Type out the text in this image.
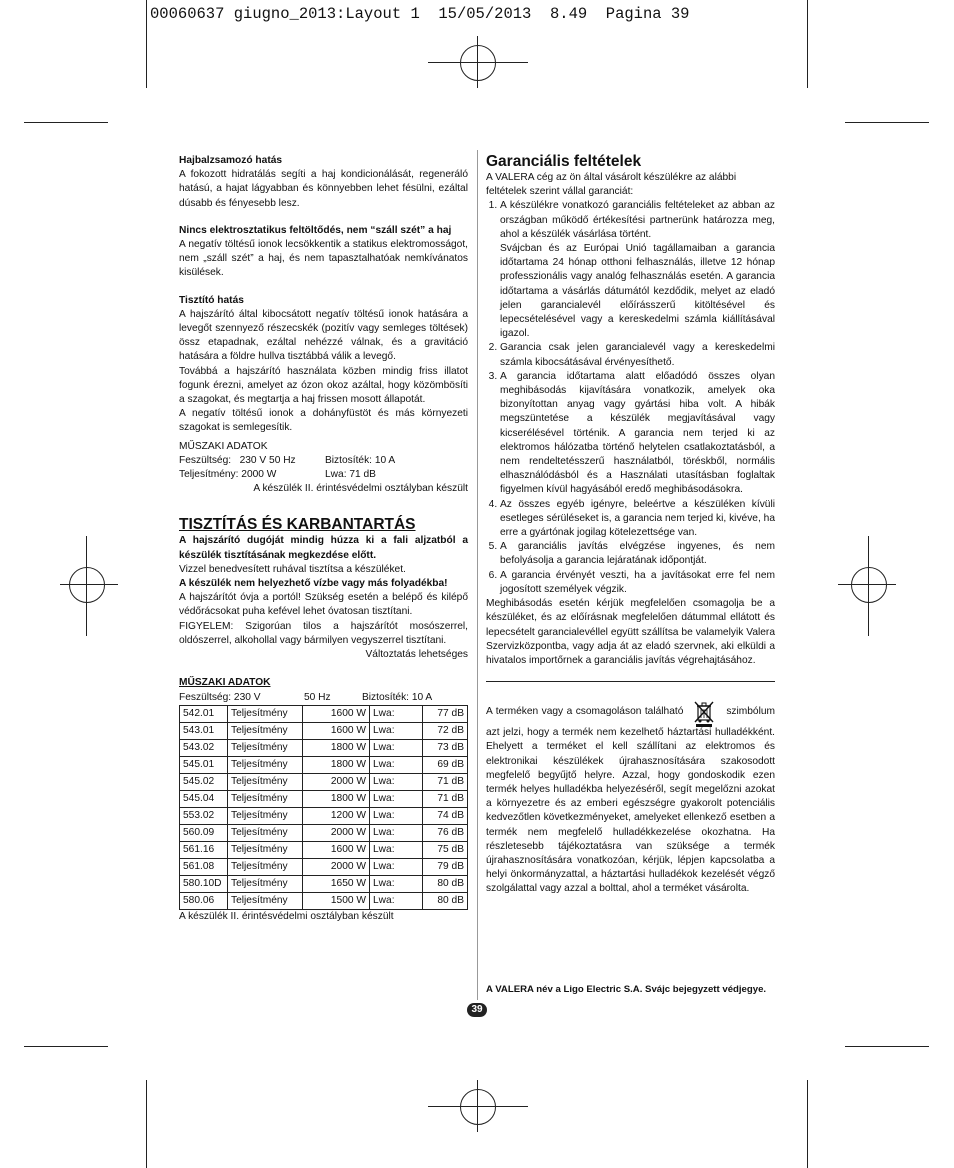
00060637 giugno_2013:Layout 1  15/05/2013  8.49  Pagina 39

Hajbalzsamozó hatás

A fokozott hidratálás segíti a haj kondicionálását, regeneráló hatású, a hajat lágyabban és könnyebben lehet fésülni, ezáltal dúsabb és fényesebb lesz.

Nincs elektrosztatikus feltöltődés, nem “száll szét” a haj

A negatív töltésű ionok lecsökkentik a statikus elektromosságot, nem „száll szét” a haj, és nem tapasztalhatóak nemkívánatos kisülések.

Tisztító hatás

A hajszárító által kibocsátott negatív töltésű ionok hatására a levegőt szennyező részecskék (pozitív vagy semleges töltések) össz etapadnak, ezáltal nehézzé válnak, és a gravitáció hatására a földre hullva tisztábbá válik a levegő.

Továbbá a hajszárító használata közben mindig friss illatot fogunk érezni, amelyet az ózon okoz azáltal, hogy közömbösíti a szagokat, és megtartja a haj frissen mosott állapotát.

A negatív töltésű ionok a dohányfüstöt és más környezeti szagokat is semlegesítik.

MŰSZAKI ADATOK

Feszültség:   230 V 50 Hz	Biztosíték: 10 A
Teljesítmény: 2000 W	Lwa: 71 dB

A készülék II. érintésvédelmi osztályban készült

TISZTÍTÁS ÉS KARBANTARTÁS

A hajszárító dugóját mindig húzza ki a fali aljzatból a készülék tisztításának megkezdése előtt.

Vizzel benedvesített ruhával tisztítsa a készüléket.

A készülék nem helyezhető vízbe vagy más folyadékba!

A hajszárítót óvja a portól! Szükség esetén a belépő és kilépő védőrácsokat puha kefével lehet óvatosan tisztítani.

FIGYELEM: Szigorúan tilos a hajszárítót mosószerrel, oldószerrel, alkohollal vagy bármilyen vegyszerrel tisztítani.

Változtatás lehetséges

MŰSZAKI ADATOK

Feszültség: 230 V	50 Hz	Biztosíték: 10 A
542.01	Teljesítmény	1600 W	Lwa:	77 dB
543.01	Teljesítmény	1600 W	Lwa:	72 dB
543.02	Teljesítmény	1800 W	Lwa:	73 dB
545.01	Teljesítmény	1800 W	Lwa:	69 dB
545.02	Teljesítmény	2000 W	Lwa:	71 dB
545.04	Teljesítmény	1800 W	Lwa:	71 dB
553.02	Teljesítmény	1200 W	Lwa:	74 dB
560.09	Teljesítmény	2000 W	Lwa:	76 dB
561.16	Teljesítmény	1600 W	Lwa:	75 dB
561.08	Teljesítmény	2000 W	Lwa:	79 dB
580.10D	Teljesítmény	1650 W	Lwa:	80 dB
580.06	Teljesítmény	1500 W	Lwa:	80 dB

A készülék II. érintésvédelmi osztályban készült

Garanciális feltételek

A VALERA cég az ön által vásárolt készülékre az alábbi feltételek szerint vállal garanciát:

1. A készülékre vonatkozó garanciális feltételeket az abban az országban működő értékesítési partnerünk határozza meg, ahol a készülék vásárlása történt.
Svájcban és az Európai Unió tagállamaiban a garancia időtartama 24 hónap otthoni felhasználás, illetve 12 hónap professzionális vagy analóg felhasználás esetén. A garancia időtartama a vásárlás dátumától kezdődik, melyet az eladó jelen garancialevél előírásszerű kitöltésével és lepecsételésével vagy a kereskedelmi számla kiállításával igazol.
2. Garancia csak jelen garancialevél vagy a kereskedelmi számla kibocsátásával érvényesíthető.
3. A garancia időtartama alatt előadódó összes olyan meghibásodás kijavítására vonatkozik, amelyek oka bizonyítottan anyag vagy gyártási hiba volt. A hibák megszüntetése a készülék megjavításával vagy kicserélésével történik. A garancia nem terjed ki az elektromos hálózatba történő helytelen csatlakoztatásból, a nem rendeltetésszerű használatból, töréskből, normális elhasználódásból és a Használati utasításban foglaltak figyelmen kívül hagyásából eredő meghibásodásokra.
4. Az összes egyéb igényre, beleértve a készüléken kívüli esetleges sérüléseket is, a garancia nem terjed ki, kivéve, ha erre a gyártónak jogilag kötelezettsége van.
5. A garanciális javítás elvégzése ingyenes, és nem befolyásolja a garancia lejáratának időpontját.
6. A garancia érvényét veszti, ha a javításokat erre fel nem jogosított személyek végzik.

Meghibásodás esetén kérjük megfelelően csomagolja be a készüléket, és az előírásnak megfelelően dátummal ellátott és lepecsételt garancialevéllel együtt szállítsa be valamelyik Valera Szervizközpontba, vagy adja át az eladó szervnek, aki elküldi a hivatalos importőrnek a garanciális javítás végrehajtásához.

A terméken vagy a csomagoláson található	szimbólum azt jelzi, hogy a termék nem kezelhető háztartási hulladékként. Ehelyett a terméket el kell szállítani az elektromos és elektronikai készülékek újrahasznosítására szakosodott megfelelő begyűjtő helyre. Azzal, hogy gondoskodik ezen termék helyes hulladékba helyezéséről, segít megelőzni azokat a környezetre és az emberi egészségre gyakorolt potenciális kedvezőtlen következményeket, amelyeket ellenkező esetben a termék nem megfelelő hulladékkezelése okozhatna. Ha részletesebb tájékoztatásra van szüksége a termék újrahasznosítására vonatkozóan, kérjük, lépjen kapcsolatba a helyi önkormányzattal, a háztartási hulladékok kezelését végző szolgálattal vagy azzal a bolttal, ahol a terméket vásárolta.

A VALERA név a Ligo Electric S.A. Svájc bejegyzett védjegye.
39
